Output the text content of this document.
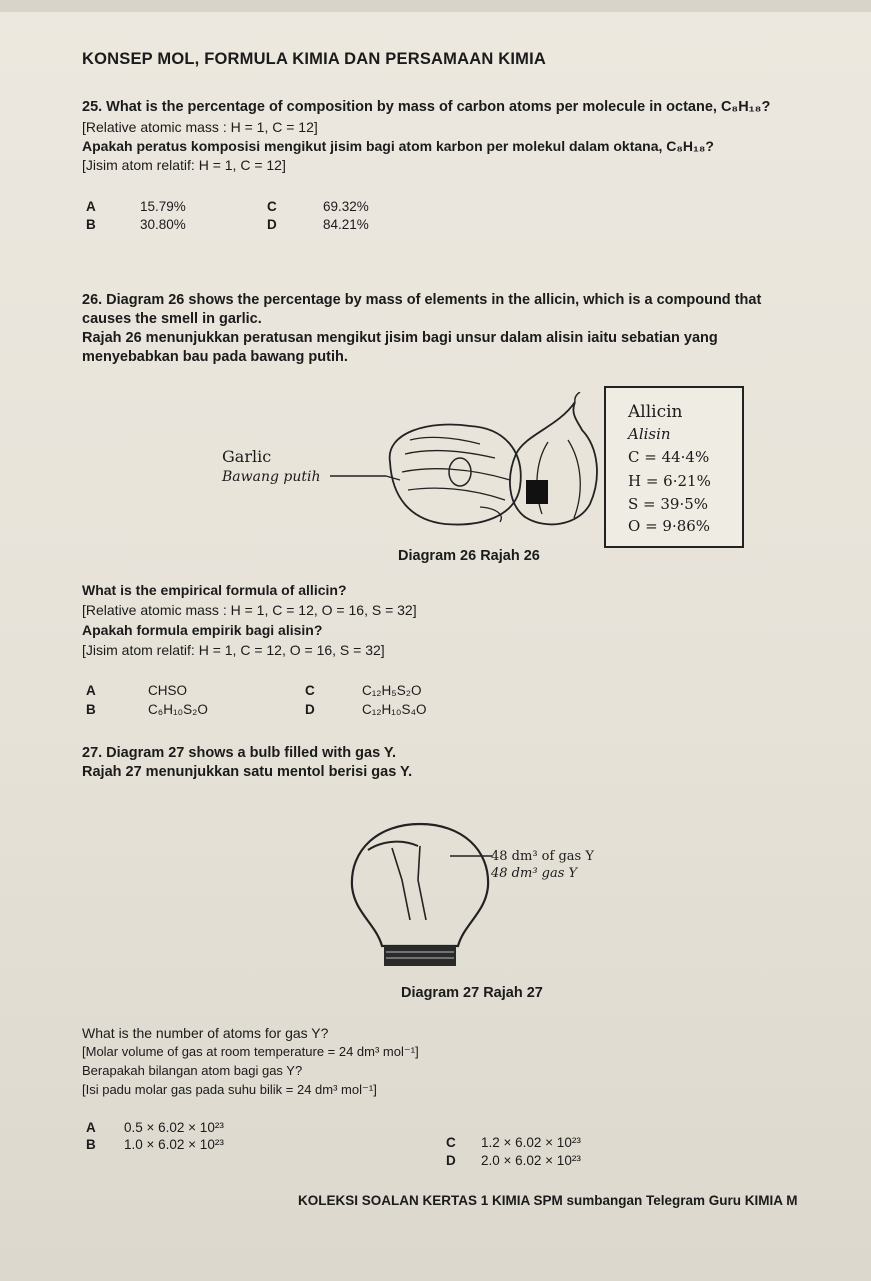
KONSEP MOL, FORMULA KIMIA DAN PERSAMAAN KIMIA
25. What is the percentage of composition by mass of carbon atoms per molecule in octane, C₈H₁₈?
[Relative atomic mass : H = 1, C = 12]
Apakah peratus komposisi mengikut jisim bagi atom karbon per molekul dalam oktana, C₈H₁₈?
[Jisim atom relatif: H = 1, C = 12]
A	15.79%
B	30.80%
C	69.32%
D	84.21%
26. Diagram 26 shows the percentage by mass of elements in the allicin, which is a compound that
causes the smell in garlic.
Rajah 26 menunjukkan peratusan mengikut jisim bagi unsur dalam alisin iaitu sebatian yang
menyebabkan bau pada bawang putih.
Garlic
Bawang putih
Allicin
Alisin
C = 44·4%
H = 6·21%
S = 39·5%
O = 9·86%
Diagram 26 Rajah 26
What is the empirical formula of allicin?
[Relative atomic mass : H = 1, C = 12, O = 16, S = 32]
Apakah formula empirik bagi alisin?
[Jisim atom relatif: H = 1, C = 12, O = 16, S = 32]
A	CHSO
B	C₆H₁₀S₂O
C	C₁₂H₅S₂O
D	C₁₂H₁₀S₄O
27. Diagram 27 shows a bulb filled with gas Y.
Rajah 27 menunjukkan satu mentol berisi gas Y.
48 dm³ of gas Y
48 dm³ gas Y
Diagram 27 Rajah 27
What is the number of atoms for gas Y?
[Molar volume of gas at room temperature = 24 dm³ mol⁻¹]
Berapakah bilangan atom bagi gas Y?
[Isi padu molar gas pada suhu bilik = 24 dm³ mol⁻¹]
A 0.5 × 6.02 × 10²³
B 1.0 × 6.02 × 10²³	C 1.2 × 6.02 × 10²³
D 2.0 × 6.02 × 10²³
KOLEKSI SOALAN KERTAS 1 KIMIA SPM sumbangan Telegram Guru KIMIA M
